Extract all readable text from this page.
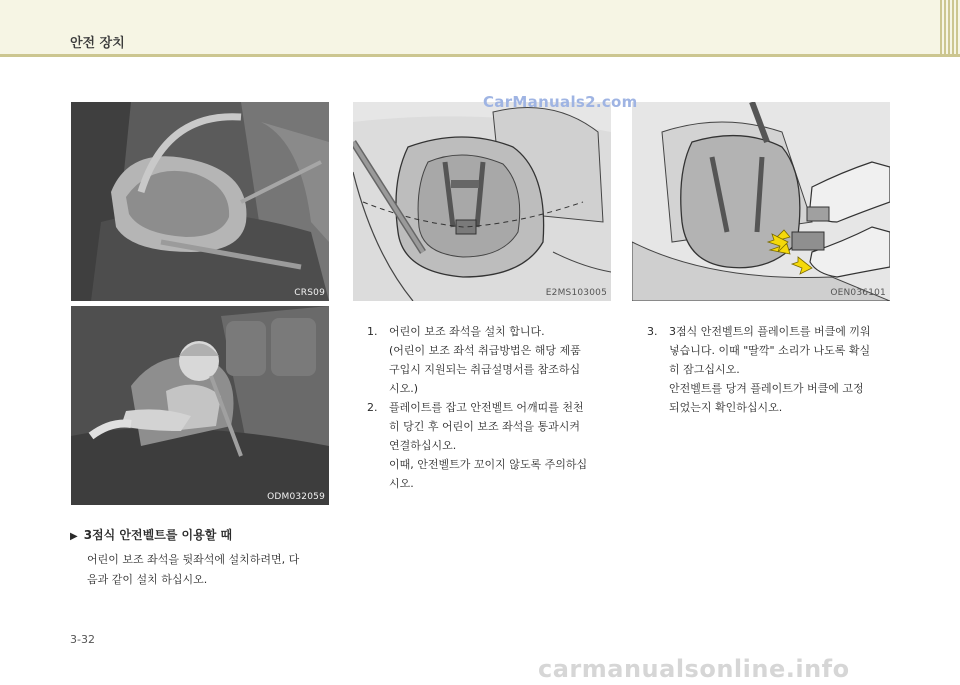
안전 장치
CRS09
ODM032059
E2MS103005	OEN036101
CarManuals2.com
carmanualsonline.info
▶ 3점식 안전벨트를 이용할 때
어린이 보조 좌석을 뒷좌석에 설치하려면, 다
음과 같이 설치 하십시오.
1. 어린이 보조 좌석을 설치 합니다.
(어린이 보조 좌석 취급방법은 해당 제품
구입시 지원되는 취급설명서를 참조하십
시오.)
2. 플레이트를 잡고 안전벨트 어깨띠를 천천
히 당긴 후 어린이 보조 좌석을 통과시켜
연결하십시오.
이때, 안전벨트가 꼬이지 않도록 주의하십
시오.
3. 3점식 안전벨트의 플레이트를 버클에 끼워
넣습니다. 이때 "딸깍" 소리가 나도록 확실
히 잠그십시오.
안전벨트를 당겨 플레이트가 버클에 고정
되었는지 확인하십시오.
3-32
